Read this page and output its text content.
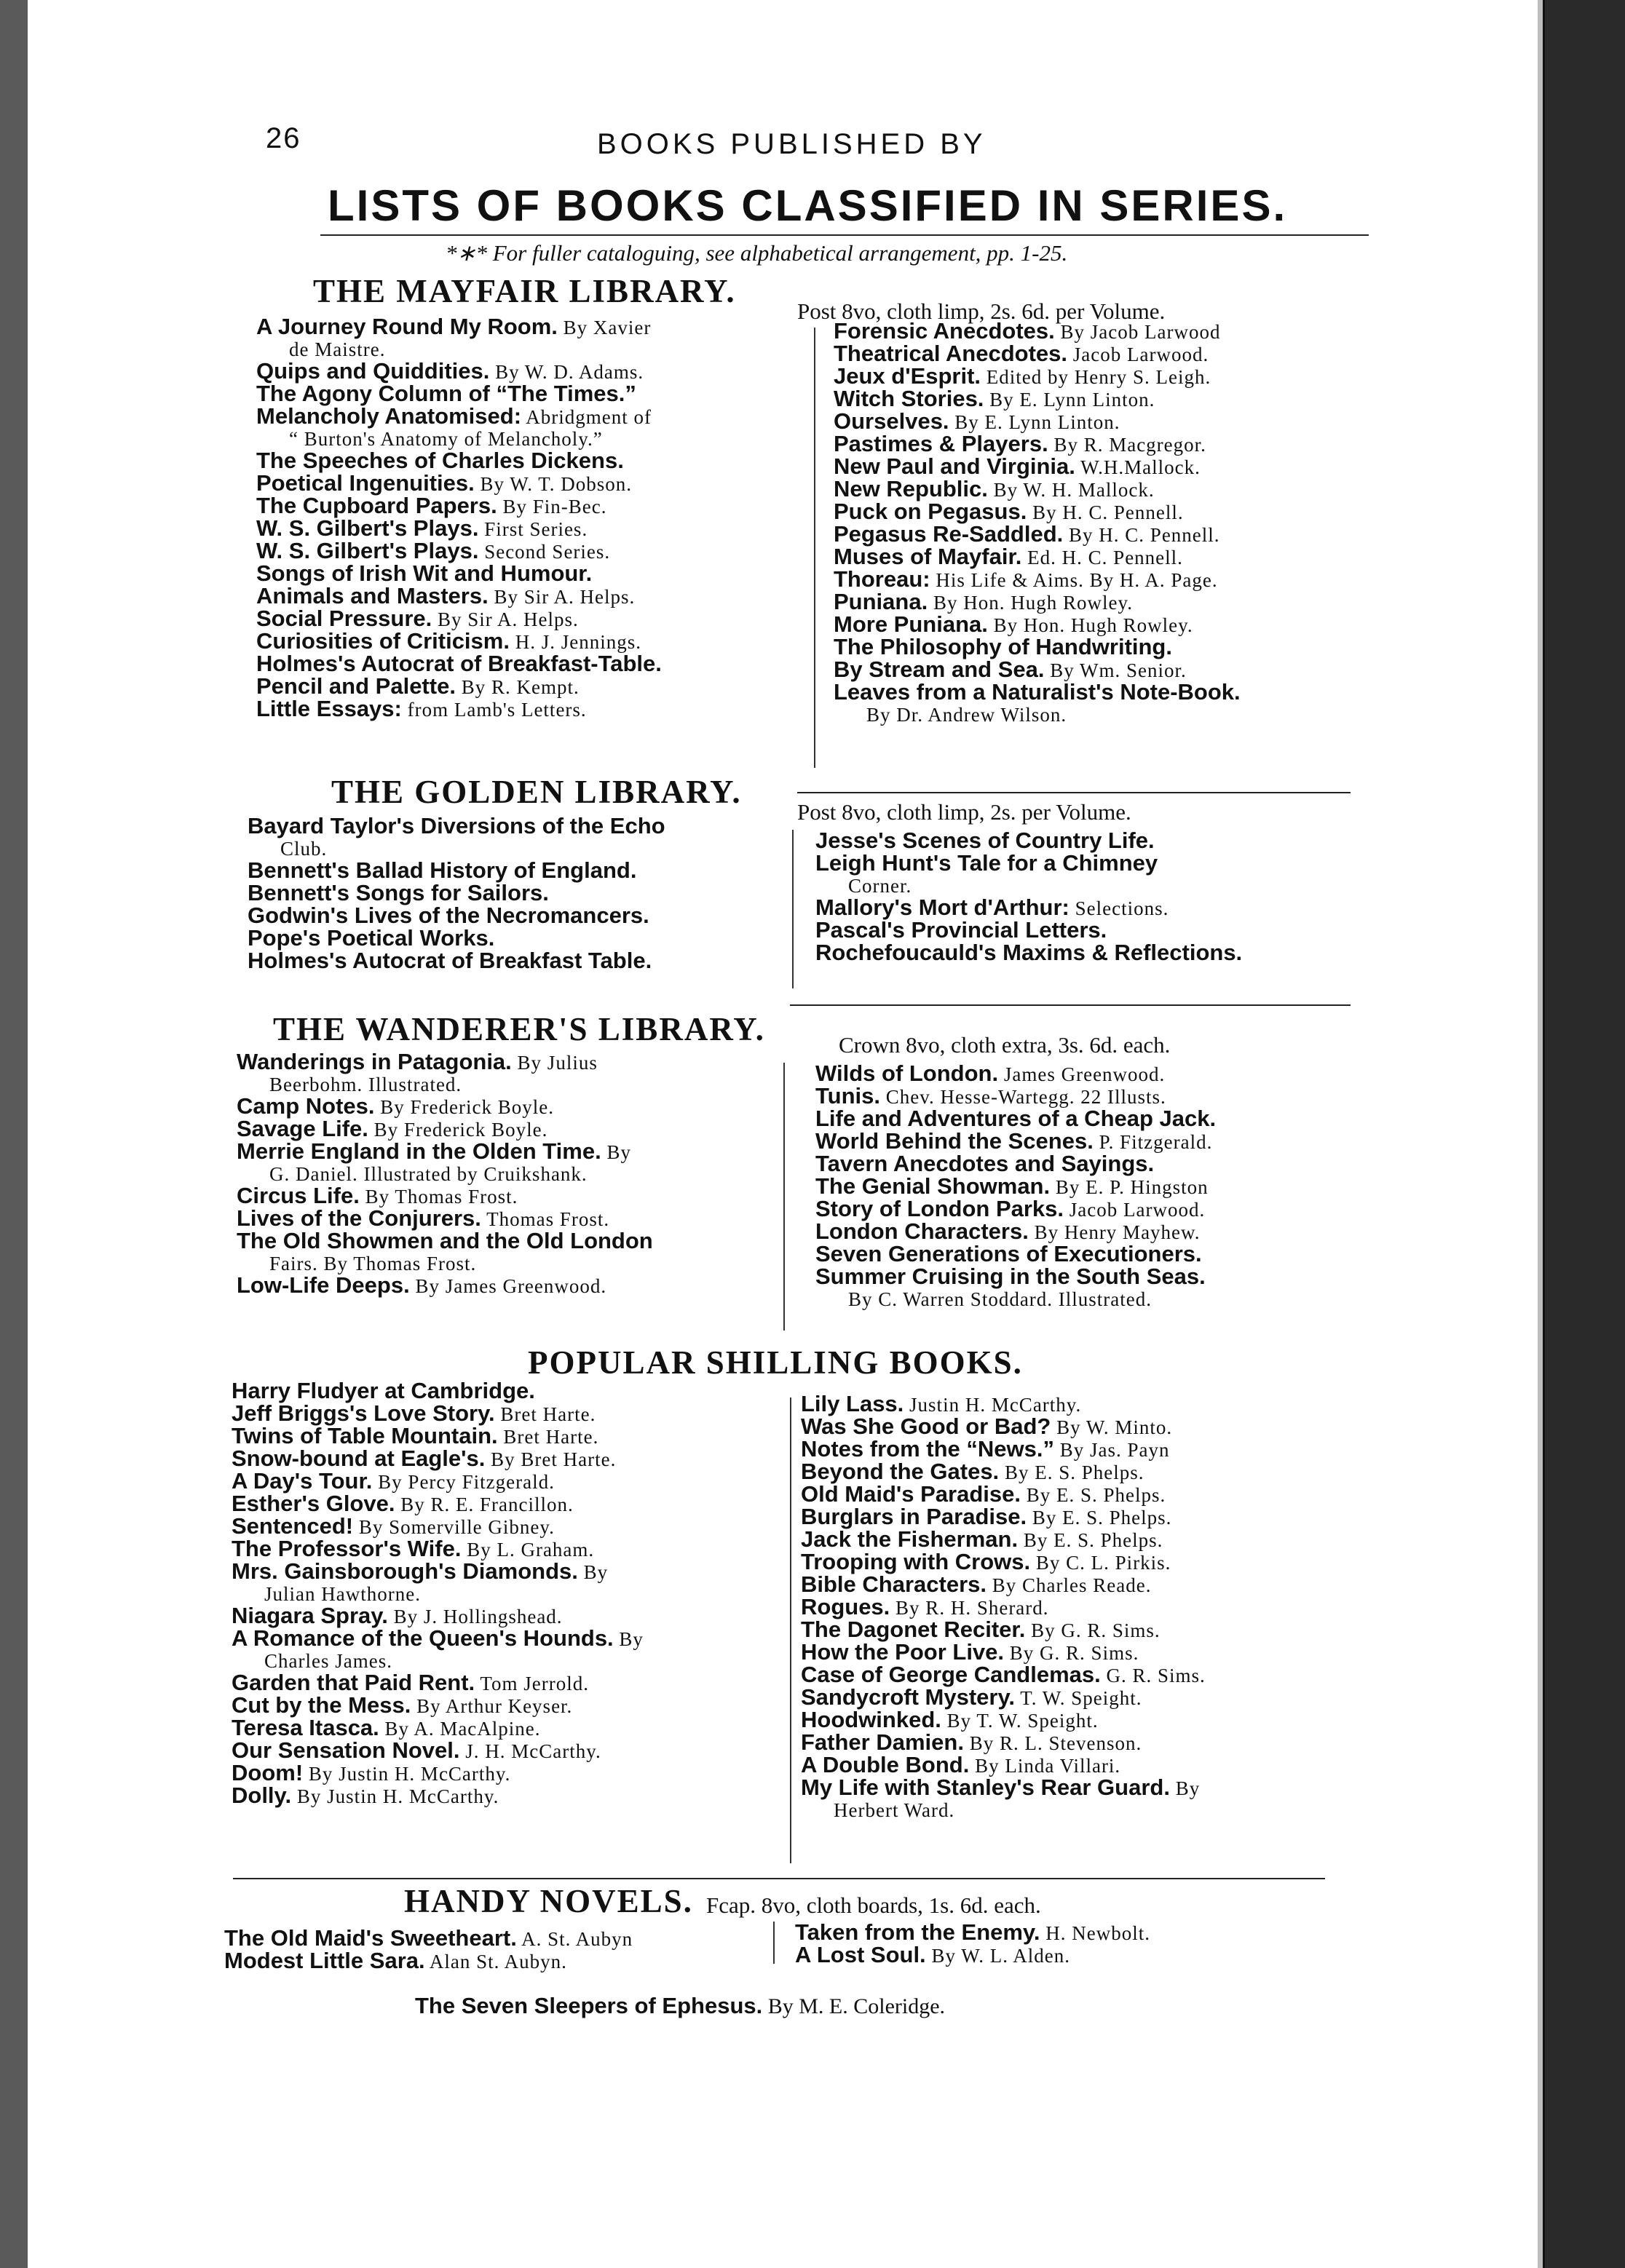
26	BOOKS PUBLISHED BY
LISTS OF BOOKS CLASSIFIED IN SERIES.
*∗* For fuller cataloguing, see alphabetical arrangement, pp. 1-25.
THE MAYFAIR LIBRARY.
Post 8vo, cloth limp, 2s. 6d. per Volume.
A Journey Round My Room. By Xavier
de Maistre.
Quips and Quiddities. By W. D. Adams.
The Agony Column of “The Times.”
Melancholy Anatomised: Abridgment of
“ Burton's Anatomy of Melancholy.”
The Speeches of Charles Dickens.
Poetical Ingenuities. By W. T. Dobson.
The Cupboard Papers. By Fin-Bec.
W. S. Gilbert's Plays. First Series.
W. S. Gilbert's Plays. Second Series.
Songs of Irish Wit and Humour.
Animals and Masters. By Sir A. Helps.
Social Pressure. By Sir A. Helps.
Curiosities of Criticism. H. J. Jennings.
Holmes's Autocrat of Breakfast-Table.
Pencil and Palette. By R. Kempt.
Little Essays: from Lamb's Letters.
Forensic Anecdotes. By Jacob Larwood
Theatrical Anecdotes. Jacob Larwood.
Jeux d'Esprit. Edited by Henry S. Leigh.
Witch Stories. By E. Lynn Linton.
Ourselves. By E. Lynn Linton.
Pastimes & Players. By R. Macgregor.
New Paul and Virginia. W.H.Mallock.
New Republic. By W. H. Mallock.
Puck on Pegasus. By H. C. Pennell.
Pegasus Re-Saddled. By H. C. Pennell.
Muses of Mayfair. Ed. H. C. Pennell.
Thoreau: His Life & Aims. By H. A. Page.
Puniana. By Hon. Hugh Rowley.
More Puniana. By Hon. Hugh Rowley.
The Philosophy of Handwriting.
By Stream and Sea. By Wm. Senior.
Leaves from a Naturalist's Note-Book.
By Dr. Andrew Wilson.
THE GOLDEN LIBRARY.
Post 8vo, cloth limp, 2s. per Volume.
Bayard Taylor's Diversions of the Echo
Club.
Bennett's Ballad History of England.
Bennett's Songs for Sailors.
Godwin's Lives of the Necromancers.
Pope's Poetical Works.
Holmes's Autocrat of Breakfast Table.
Jesse's Scenes of Country Life.
Leigh Hunt's Tale for a Chimney
Corner.
Mallory's Mort d'Arthur: Selections.
Pascal's Provincial Letters.
Rochefoucauld's Maxims & Reflections.
THE WANDERER'S LIBRARY.	Crown 8vo, cloth extra, 3s. 6d. each.
Wanderings in Patagonia. By Julius
Beerbohm. Illustrated.
Camp Notes. By Frederick Boyle.
Savage Life. By Frederick Boyle.
Merrie England in the Olden Time. By
G. Daniel. Illustrated by Cruikshank.
Circus Life. By Thomas Frost.
Lives of the Conjurers. Thomas Frost.
The Old Showmen and the Old London
Fairs. By Thomas Frost.
Low-Life Deeps. By James Greenwood.
Wilds of London. James Greenwood.
Tunis. Chev. Hesse-Wartegg. 22 Illusts.
Life and Adventures of a Cheap Jack.
World Behind the Scenes. P. Fitzgerald.
Tavern Anecdotes and Sayings.
The Genial Showman. By E. P. Hingston
Story of London Parks. Jacob Larwood.
London Characters. By Henry Mayhew.
Seven Generations of Executioners.
Summer Cruising in the South Seas.
By C. Warren Stoddard. Illustrated.
POPULAR SHILLING BOOKS.
Harry Fludyer at Cambridge.
Jeff Briggs's Love Story. Bret Harte.
Twins of Table Mountain. Bret Harte.
Snow-bound at Eagle's. By Bret Harte.
A Day's Tour. By Percy Fitzgerald.
Esther's Glove. By R. E. Francillon.
Sentenced! By Somerville Gibney.
The Professor's Wife. By L. Graham.
Mrs. Gainsborough's Diamonds. By
Julian Hawthorne.
Niagara Spray. By J. Hollingshead.
A Romance of the Queen's Hounds. By
Charles James.
Garden that Paid Rent. Tom Jerrold.
Cut by the Mess. By Arthur Keyser.
Teresa Itasca. By A. MacAlpine.
Our Sensation Novel. J. H. McCarthy.
Doom! By Justin H. McCarthy.
Dolly. By Justin H. McCarthy.
Lily Lass. Justin H. McCarthy.
Was She Good or Bad? By W. Minto.
Notes from the “News.” By Jas. Payn
Beyond the Gates. By E. S. Phelps.
Old Maid's Paradise. By E. S. Phelps.
Burglars in Paradise. By E. S. Phelps.
Jack the Fisherman. By E. S. Phelps.
Trooping with Crows. By C. L. Pirkis.
Bible Characters. By Charles Reade.
Rogues. By R. H. Sherard.
The Dagonet Reciter. By G. R. Sims.
How the Poor Live. By G. R. Sims.
Case of George Candlemas. G. R. Sims.
Sandycroft Mystery. T. W. Speight.
Hoodwinked. By T. W. Speight.
Father Damien. By R. L. Stevenson.
A Double Bond. By Linda Villari.
My Life with Stanley's Rear Guard. By
Herbert Ward.
HANDY NOVELS. Fcap. 8vo, cloth boards, 1s. 6d. each.
The Old Maid's Sweetheart. A. St. Aubyn
Modest Little Sara. Alan St. Aubyn.
Taken from the Enemy. H. Newbolt.
A Lost Soul. By W. L. Alden.
The Seven Sleepers of Ephesus. By M. E. Coleridge.
